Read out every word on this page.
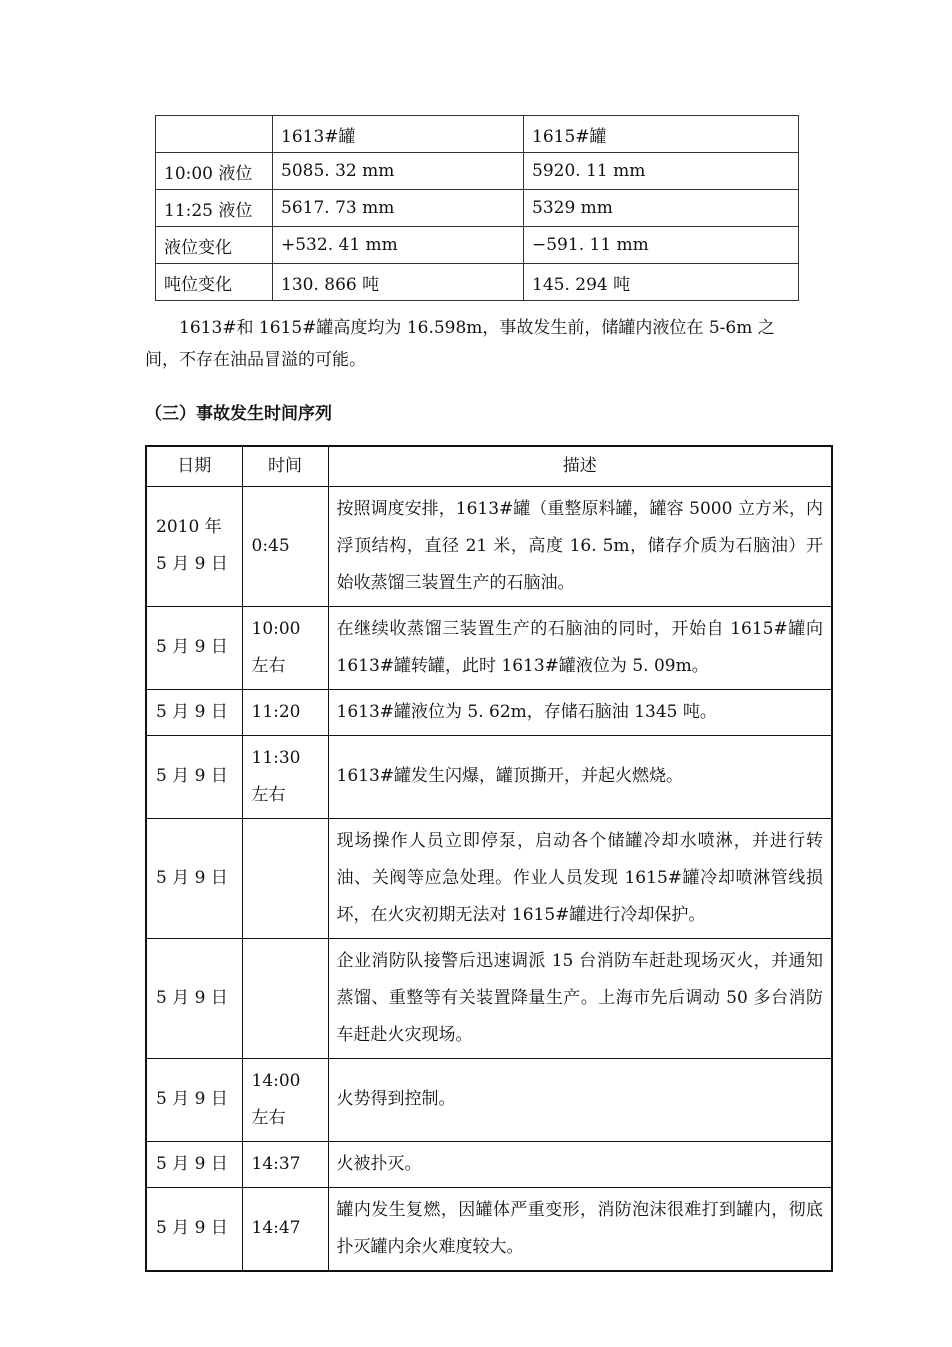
	1613#罐	1615#罐
10:00 液位	5085. 32 mm	5920. 11 mm
11:25 液位	5617. 73 mm	5329 mm
液位变化	+532. 41 mm	−591. 11 mm
吨位变化	130. 866 吨	145. 294 吨

1613#和 1615#罐高度均为 16.598m，事故发生前，储罐内液位在 5-6m 之间，不存在油品冒溢的可能。

（三）事故发生时间序列
日期	时间	描述
2010 年 5 月 9 日	0:45	按照调度安排，1613#罐（重整原料罐，罐容 5000 立方米，内浮顶结构，直径 21 米，高度 16. 5m，储存介质为石脑油）开始收蒸馏三装置生产的石脑油。
5 月 9 日	10:00 左右	在继续收蒸馏三装置生产的石脑油的同时，开始自 1615#罐向 1613#罐转罐，此时 1613#罐液位为 5. 09m。
5 月 9 日	11:20	1613#罐液位为 5. 62m，存储石脑油 1345 吨。
5 月 9 日	11:30 左右	1613#罐发生闪爆，罐顶撕开，并起火燃烧。
5 月 9 日		现场操作人员立即停泵，启动各个储罐冷却水喷淋，并进行转油、关阀等应急处理。作业人员发现 1615#罐冷却喷淋管线损坏，在火灾初期无法对 1615#罐进行冷却保护。
5 月 9 日		企业消防队接警后迅速调派 15 台消防车赶赴现场灭火，并通知蒸馏、重整等有关装置降量生产。上海市先后调动 50 多台消防车赶赴火灾现场。
5 月 9 日	14:00 左右	火势得到控制。
5 月 9 日	14:37	火被扑灭。
5 月 9 日	14:47	罐内发生复燃，因罐体严重变形，消防泡沫很难打到罐内，彻底扑灭罐内余火难度较大。
